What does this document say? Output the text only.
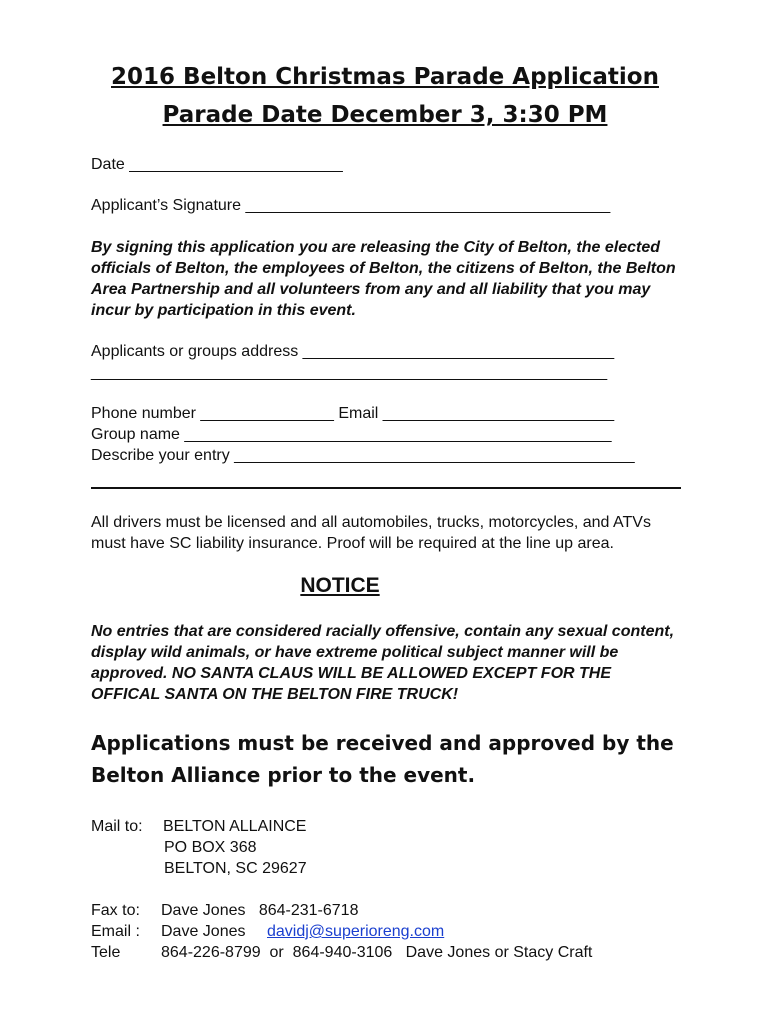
2016 Belton Christmas Parade Application
Parade Date December 3, 3:30 PM
Date ________________________
Applicant’s Signature _________________________________________
By signing this application you are releasing the City of Belton, the elected officials of Belton, the employees of Belton, the citizens of Belton, the Belton Area Partnership and all volunteers from any and all liability that you may incur by participation in this event.
Applicants or groups address ___________________________________
__________________________________________________________
Phone number _______________ Email __________________________
Group name ________________________________________________
Describe your entry _____________________________________________
All drivers must be licensed and all automobiles, trucks, motorcycles, and ATVs must have SC liability insurance. Proof will be required at the line up area.
NOTICE
No entries that are considered racially offensive, contain any sexual content, display wild animals, or have extreme political subject manner will be approved. NO SANTA CLAUS WILL BE ALLOWED EXCEPT FOR THE OFFICAL SANTA ON THE BELTON FIRE TRUCK!
Applications must be received and approved by the Belton Alliance prior to the event.
Mail to: BELTON ALLAINCE
PO BOX 368
BELTON, SC 29627
Fax to: Dave Jones   864-231-6718
Email : Dave Jones davidj@superioreng.com
Tele	864-226-8799  or  864-940-3106   Dave Jones or Stacy Craft
